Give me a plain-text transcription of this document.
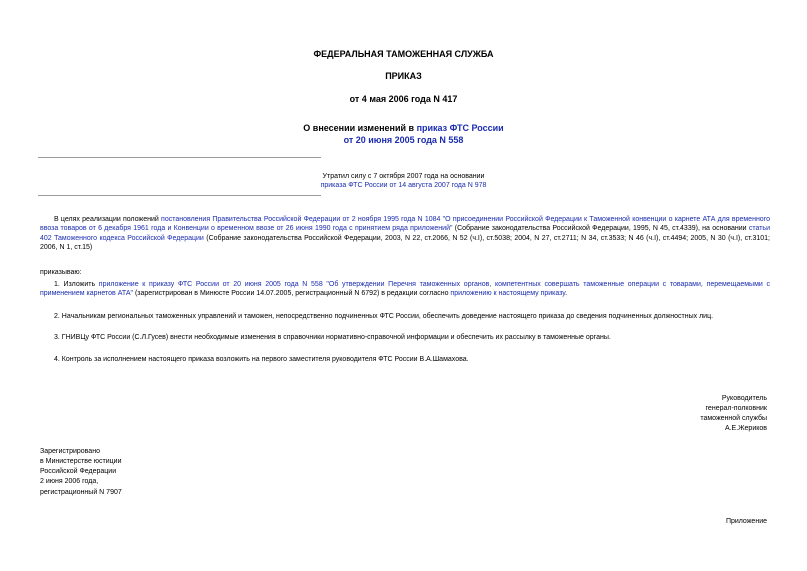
ФЕДЕРАЛЬНАЯ ТАМОЖЕННАЯ СЛУЖБА
ПРИКАЗ
от 4 мая 2006 года N 417
О внесении изменений в приказ ФТС России
от 20 июня 2005 года N 558
Утратил силу с 7 октября 2007 года на основании
приказа ФТС России от 14 августа 2007 года N 978
В целях реализации положений постановления Правительства Российской Федерации от 2 ноября 1995 года N 1084 "О присоединении Российской Федерации к Таможенной конвенции о карнете АТА для временного ввоза товаров от 6 декабря 1961 года и Конвенции о временном ввозе от 26 июня 1990 года с принятием ряда приложений" (Собрание законодательства Российской Федерации, 1995, N 45, ст.4339), на основании статьи 402 Таможенного кодекса Российской Федерации (Собрание законодательства Российской Федерации, 2003, N 22, ст.2066, N 52 (ч.I), ст.5038; 2004, N 27, ст.2711; N 34, ст.3533; N 46 (ч.I), ст.4494; 2005, N 30 (ч.I), ст.3101; 2006, N 1, ст.15)
приказываю:
1. Изложить приложение к приказу ФТС России от 20 июня 2005 года N 558 "Об утверждении Перечня таможенных органов, компетентных совершать таможенные операции с товарами, перемещаемыми с применением карнетов АТА" (зарегистрирован в Минюсте России 14.07.2005, регистрационный N 6792) в редакции согласно приложению к настоящему приказу.
2. Начальникам региональных таможенных управлений и таможен, непосредственно подчиненных ФТС России, обеспечить доведение настоящего приказа до сведения подчиненных должностных лиц.
3. ГНИВЦу ФТС России (С.Л.Гусев) внести необходимые изменения в справочники нормативно-справочной информации и обеспечить их рассылку в таможенные органы.
4. Контроль за исполнением настоящего приказа возложить на первого заместителя руководителя ФТС России В.А.Шамахова.
Руководитель
генерал-полковник
таможенной службы
А.Е.Жериков
Зарегистрировано
в Министерстве юстиции
Российской Федерации
2 июня 2006 года,
регистрационный N 7907
Приложение
